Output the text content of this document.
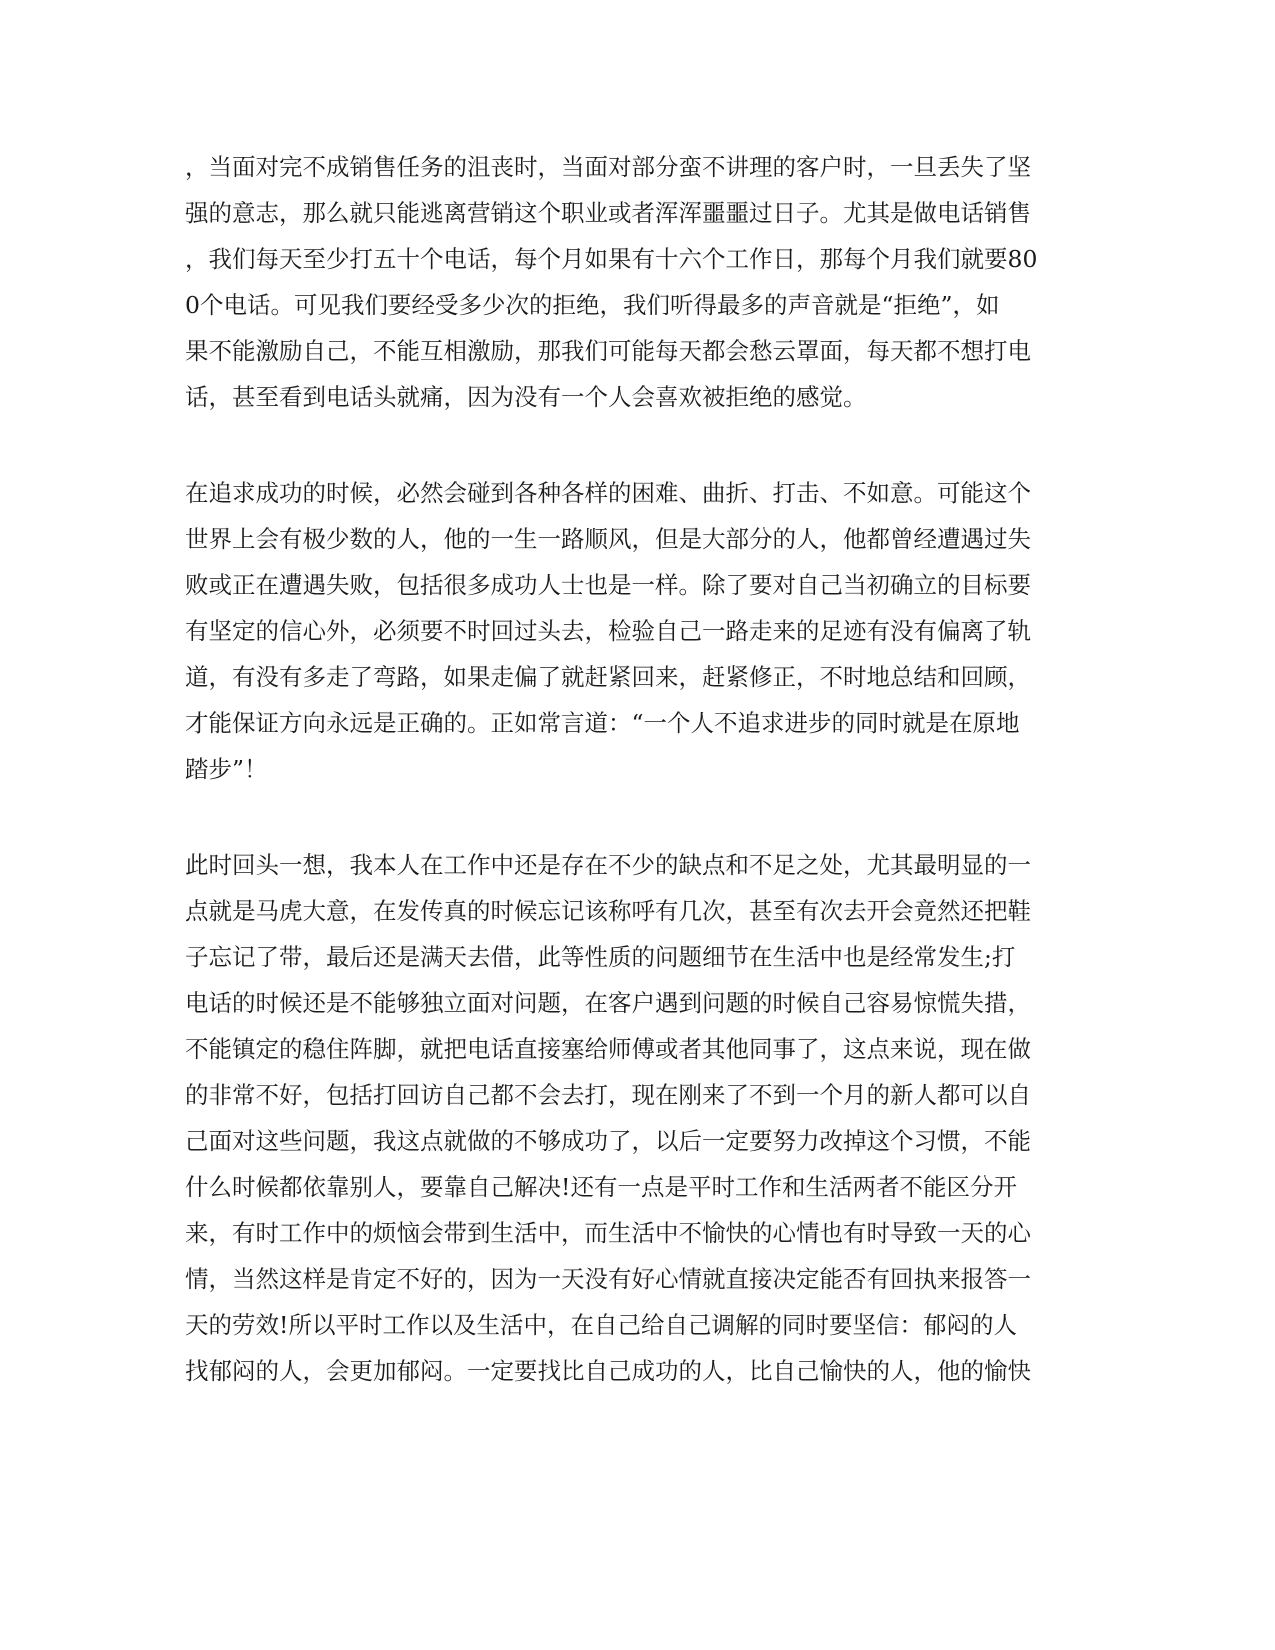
，当面对完不成销售任务的沮丧时，当面对部分蛮不讲理的客户时，一旦丢失了坚
强的意志，那么就只能逃离营销这个职业或者浑浑噩噩过日子。尤其是做电话销售
，我们每天至少打五十个电话，每个月如果有十六个工作日，那每个月我们就要80
0个电话。可见我们要经受多少次的拒绝，我们听得最多的声音就是“拒绝”，如
果不能激励自己，不能互相激励，那我们可能每天都会愁云罩面，每天都不想打电
话，甚至看到电话头就痛，因为没有一个人会喜欢被拒绝的感觉。
在追求成功的时候，必然会碰到各种各样的困难、曲折、打击、不如意。可能这个
世界上会有极少数的人，他的一生一路顺风，但是大部分的人，他都曾经遭遇过失
败或正在遭遇失败，包括很多成功人士也是一样。除了要对自己当初确立的目标要
有坚定的信心外，必须要不时回过头去，检验自己一路走来的足迹有没有偏离了轨
道，有没有多走了弯路，如果走偏了就赶紧回来，赶紧修正，不时地总结和回顾，
才能保证方向永远是正确的。正如常言道：“一个人不追求进步的同时就是在原地
踏步”！
此时回头一想，我本人在工作中还是存在不少的缺点和不足之处，尤其最明显的一
点就是马虎大意，在发传真的时候忘记该称呼有几次，甚至有次去开会竟然还把鞋
子忘记了带，最后还是满天去借，此等性质的问题细节在生活中也是经常发生;打
电话的时候还是不能够独立面对问题，在客户遇到问题的时候自己容易惊慌失措，
不能镇定的稳住阵脚，就把电话直接塞给师傅或者其他同事了，这点来说，现在做
的非常不好，包括打回访自己都不会去打，现在刚来了不到一个月的新人都可以自
己面对这些问题，我这点就做的不够成功了，以后一定要努力改掉这个习惯，不能
什么时候都依靠别人，要靠自己解决!还有一点是平时工作和生活两者不能区分开
来，有时工作中的烦恼会带到生活中，而生活中不愉快的心情也有时导致一天的心
情，当然这样是肯定不好的，因为一天没有好心情就直接决定能否有回执来报答一
天的劳效!所以平时工作以及生活中，在自己给自己调解的同时要坚信：郁闷的人
找郁闷的人，会更加郁闷。一定要找比自己成功的人，比自己愉快的人，他的愉快
